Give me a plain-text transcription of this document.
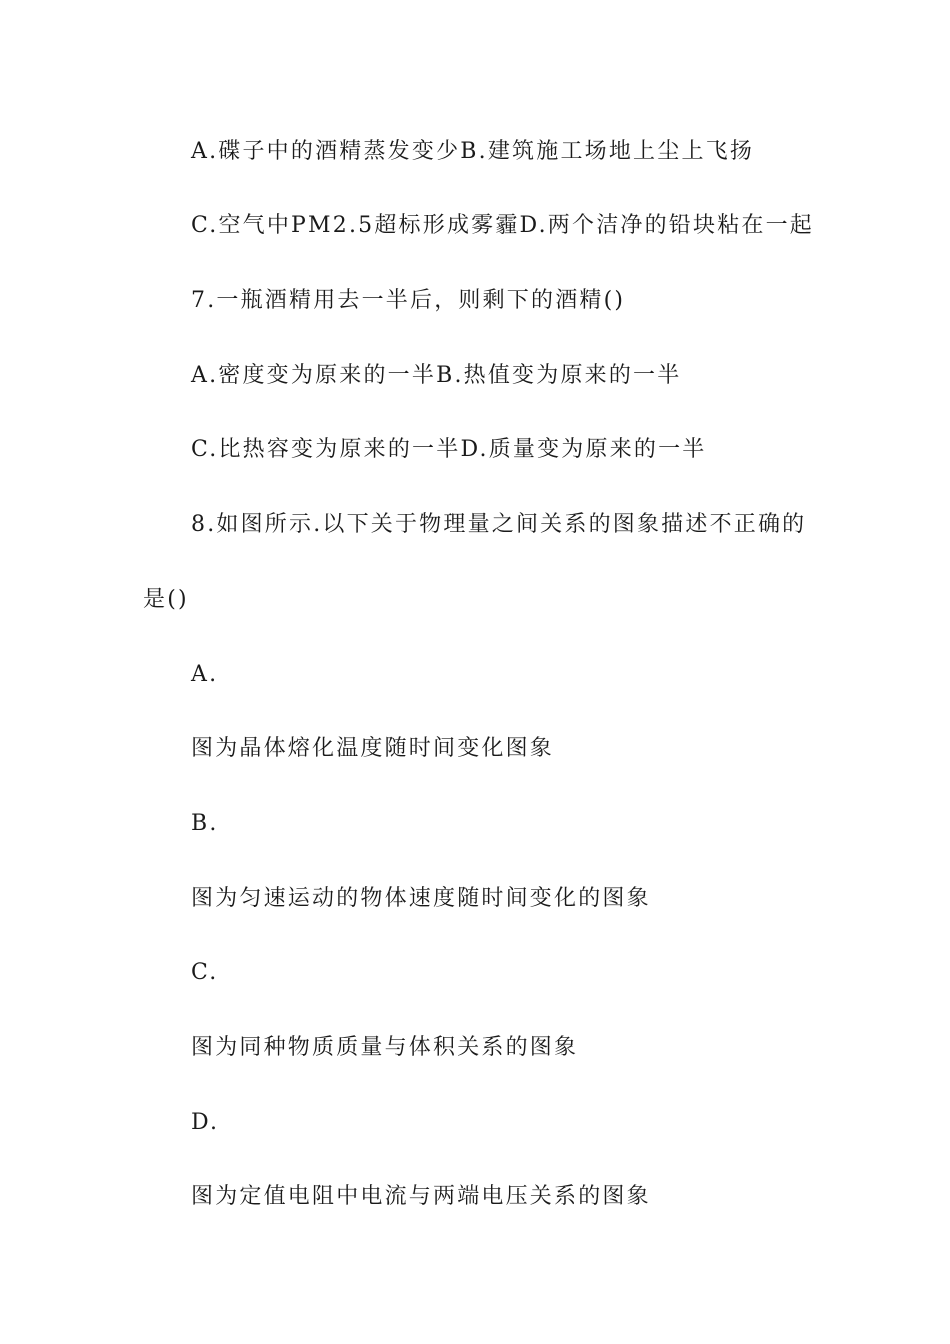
A.碟子中的酒精蒸发变少B.建筑施工场地上尘上飞扬
C.空气中PM2.5超标形成雾霾D.两个洁净的铅块粘在一起
7.一瓶酒精用去一半后，则剩下的酒精()
A.密度变为原来的一半B.热值变为原来的一半
C.比热容变为原来的一半D.质量变为原来的一半
8.如图所示.以下关于物理量之间关系的图象描述不正确的
是()
A.
图为晶体熔化温度随时间变化图象
B.
图为匀速运动的物体速度随时间变化的图象
C.
图为同种物质质量与体积关系的图象
D.
图为定值电阻中电流与两端电压关系的图象
